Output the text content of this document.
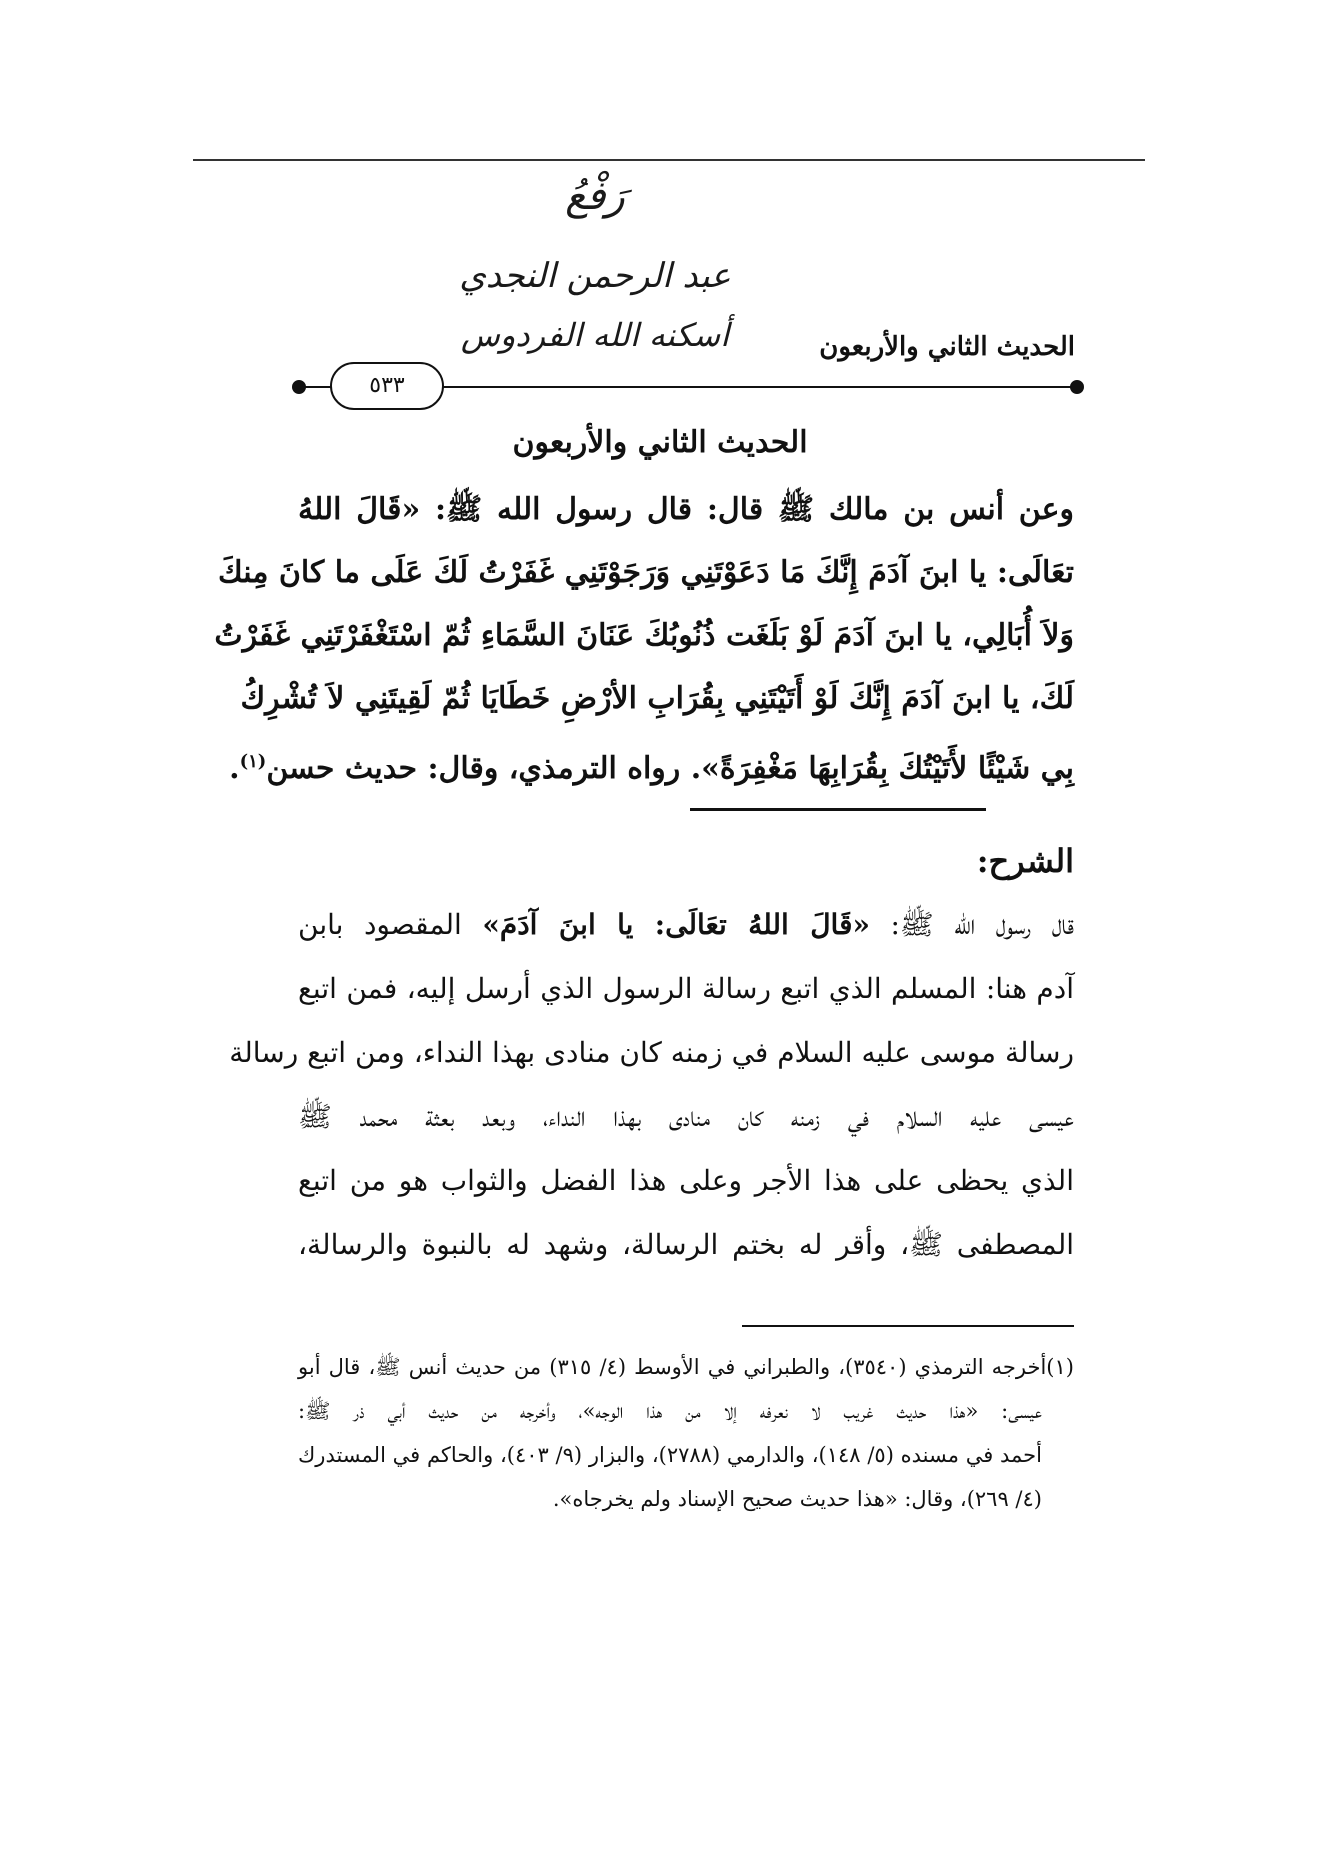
رَفْعُ
عبد الرحمن النجدي
أسكنه الله الفردوس	الحديث الثاني والأربعون
٥٣٣
الحديث الثاني والأربعون
وعن أنس بن مالك ﷺ قال: قال رسول الله ﷺ: «قَالَ اللهُ
تعَالَى: يا ابنَ آدَمَ إِنَّكَ مَا دَعَوْتَنِي وَرَجَوْتَنِي غَفَرْتُ لَكَ عَلَى ما كانَ مِنكَ
وَلاَ أُبَالِي، يا ابنَ آدَمَ لَوْ بَلَغَت ذُنُوبُكَ عَنَانَ السَّمَاءِ ثُمّ اسْتَغْفَرْتَنِي غَفَرْتُ
لَكَ، يا ابنَ آدَمَ إِنَّكَ لَوْ أَتَيْتَنِي بِقُرَابِ الأرْضِ خَطَايَا ثُمّ لَقِيتَنِي لاَ تُشْرِكُ
بِي شَيْئًا لأَتَيْتُكَ بِقُرَابِهَا مَغْفِرَةً». رواه الترمذي، وقال: حديث حسن$^{(١)}$.
الشرح:
قال رسول الله ﷺ: «قَالَ اللهُ تعَالَى: يا ابنَ آدَمَ» المقصود بابن
آدم هنا: المسلم الذي اتبع رسالة الرسول الذي أرسل إليه، فمن اتبع
رسالة موسى عليه السلام في زمنه كان منادى بهذا النداء، ومن اتبع رسالة
عيسى عليه السلام في زمنه كان منادى بهذا النداء، وبعد بعثة محمد ﷺ
الذي يحظى على هذا الأجر وعلى هذا الفضل والثواب هو من اتبع
المصطفى ﷺ، وأقر له بختم الرسالة، وشهد له بالنبوة والرسالة،
(١)أخرجه الترمذي (٣٥٤٠)، والطبراني في الأوسط (٤/ ٣١٥) من حديث أنس ﷺ، قال أبو
عيسى: «هذا حديث غريب لا نعرفه إلا من هذا الوجه»، وأخرجه من حديث أبي ذر ﷺ:
أحمد في مسنده (٥/ ١٤٨)، والدارمي (٢٧٨٨)، والبزار (٩/ ٤٠٣)، والحاكم في المستدرك
(٤/ ٢٦٩)، وقال: «هذا حديث صحيح الإسناد ولم يخرجاه».
